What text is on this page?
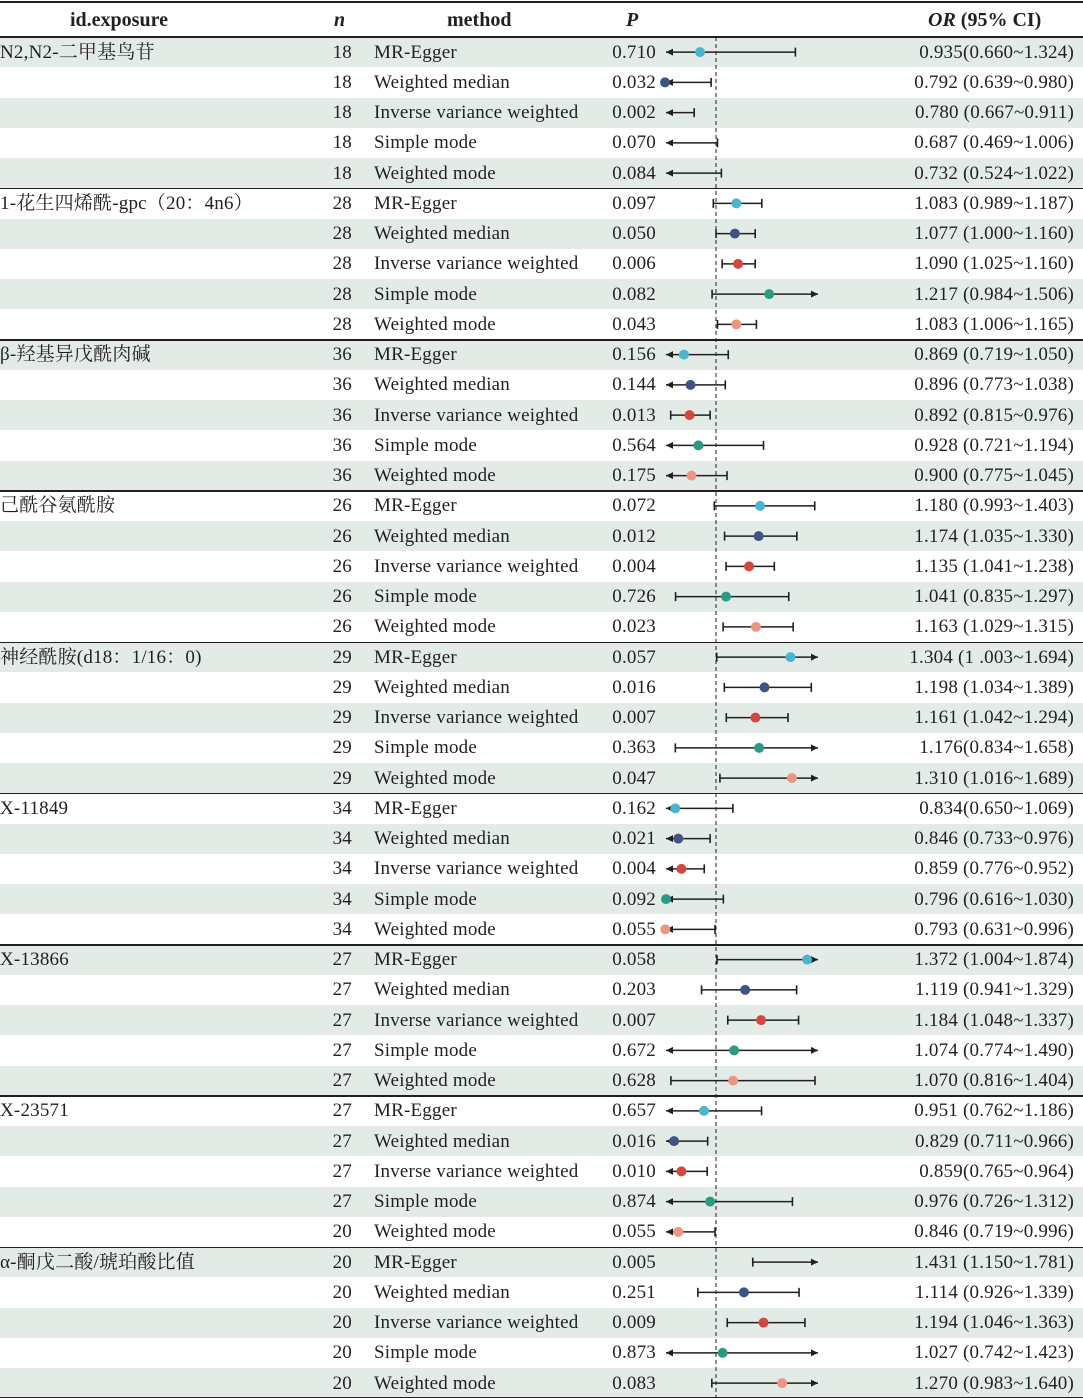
id.exposure	n	method	P	OR (95% CI)
N2,N2-二甲基鸟苷	18 MR-Egger	0.710	0.935(0.660~1.324)
18 Weighted median	0.032	0.792 (0.639~0.980)
18 Inverse variance weighted	0.002	0.780 (0.667~0.911)
18 Simple mode	0.070	0.687 (0.469~1.006)
18 Weighted mode	0.084	0.732 (0.524~1.022)
1-花生四烯酰-gpc（20：4n6）	28 MR-Egger	0.097	1.083 (0.989~1.187)
28 Weighted median	0.050	1.077 (1.000~1.160)
28 Inverse variance weighted	0.006	1.090 (1.025~1.160)
28 Simple mode	0.082	1.217 (0.984~1.506)
28 Weighted mode	0.043	1.083 (1.006~1.165)
β-羟基异戊酰肉碱	36 MR-Egger	0.156	0.869 (0.719~1.050)
36 Weighted median	0.144	0.896 (0.773~1.038)
36 Inverse variance weighted	0.013	0.892 (0.815~0.976)
36 Simple mode	0.564	0.928 (0.721~1.194)
36 Weighted mode	0.175	0.900 (0.775~1.045)
己酰谷氨酰胺	26 MR-Egger	0.072	1.180 (0.993~1.403)
26 Weighted median	0.012	1.174 (1.035~1.330)
26 Inverse variance weighted	0.004	1.135 (1.041~1.238)
26 Simple mode	0.726	1.041 (0.835~1.297)
26 Weighted mode	0.023	1.163 (1.029~1.315)
神经酰胺(d18：1/16：0)	29 MR-Egger	0.057	1.304 (1 .003~1.694)
29 Weighted median	0.016	1.198 (1.034~1.389)
29 Inverse variance weighted	0.007	1.161 (1.042~1.294)
29 Simple mode	0.363	1.176(0.834~1.658)
29 Weighted mode	0.047	1.310 (1.016~1.689)
X-11849	34 MR-Egger	0.162	0.834(0.650~1.069)
34 Weighted median	0.021	0.846 (0.733~0.976)
34 Inverse variance weighted	0.004	0.859 (0.776~0.952)
34 Simple mode	0.092	0.796 (0.616~1.030)
34 Weighted mode	0.055	0.793 (0.631~0.996)
X-13866	27 MR-Egger	0.058	1.372 (1.004~1.874)
27 Weighted median	0.203	1.119 (0.941~1.329)
27 Inverse variance weighted	0.007	1.184 (1.048~1.337)
27 Simple mode	0.672	1.074 (0.774~1.490)
27 Weighted mode	0.628	1.070 (0.816~1.404)
X-23571	27 MR-Egger	0.657	0.951 (0.762~1.186)
27 Weighted median	0.016	0.829 (0.711~0.966)
27 Inverse variance weighted	0.010	0.859(0.765~0.964)
27 Simple mode	0.874	0.976 (0.726~1.312)
20 Weighted mode	0.055	0.846 (0.719~0.996)
α-酮戊二酸/琥珀酸比值	20 MR-Egger	0.005	1.431 (1.150~1.781)
20 Weighted median	0.251	1.114 (0.926~1.339)
20 Inverse variance weighted	0.009	1.194 (1.046~1.363)
20 Simple mode	0.873	1.027 (0.742~1.423)
20 Weighted mode	0.083	1.270 (0.983~1.640)
